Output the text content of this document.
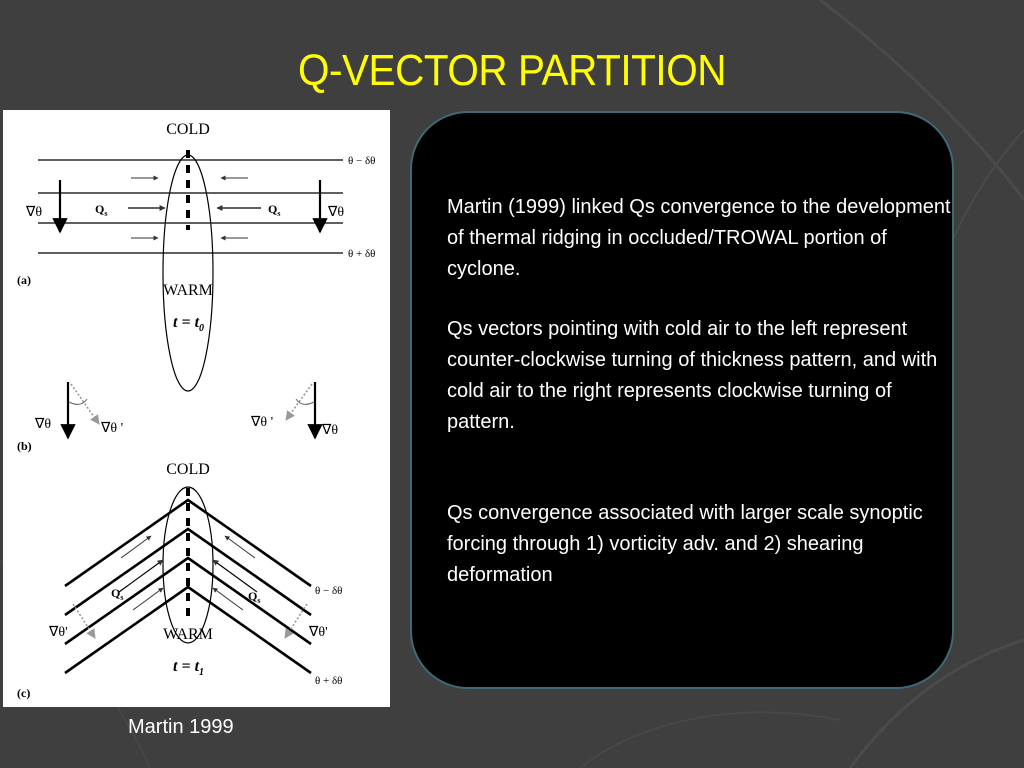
Q-VECTOR PARTITION
COLD
θ − δθ
θ + δθ
∇θ	∇θ
$Q_s$	$Q_s$
WARM
(a)
$t = t_0$
∇θ	∇θ '	∇θ '
∇θ
(b)
COLD
θ − δθ
θ + δθ
$Q_s$	$Q_s$
∇θ'	∇θ'
WARM
$t = t_1$
(c)
Martin 1999

Martin (1999) linked Qs convergence to the development of thermal ridging in occluded/TROWAL portion of cyclone.

Qs vectors pointing with cold air to the left represent counter-clockwise turning of thickness pattern, and with cold air to the right represents clockwise turning of pattern.

Qs convergence associated with larger scale synoptic forcing through 1) vorticity adv. and 2) shearing deformation
